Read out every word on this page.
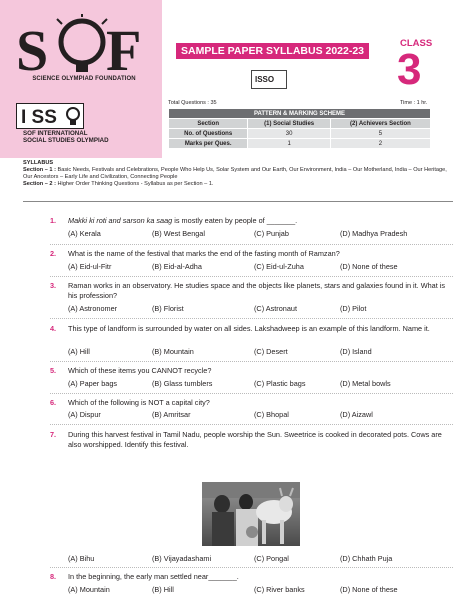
S F
SCIENCE OLYMPIAD FOUNDATION
SAMPLE PAPER SYLLABUS 2022-23
CLASS
3
ISSO
I SS
SOF INTERNATIONAL
SOCIAL STUDIES OLYMPIAD
Total Questions : 35	Time : 1 hr.
PATTERN & MARKING SCHEME		
Section	(1) Social Studies	(2) Achievers Section
No. of Questions	30	5
Marks per Ques.	1	2
SYLLABUS
Section – 1 : Basic Needs, Festivals and Celebrations, People Who Help Us, Solar System and Our Earth, Our Environment, India – Our Motherland, India – Our Heritage, Our Ancestors – Early Life and Civilization, Connecting People
Section – 2 : Higher Order Thinking Questions - Syllabus as per Section – 1.
1. Makki ki roti and sarson ka saag is mostly eaten by people of _______.
(A) Kerala	(B) West Bengal	(C) Punjab	(D) Madhya Pradesh
2. What is the name of the festival that marks the end of the fasting month of Ramzan?
(A) Eid-ul-Fitr	(B) Eid-al-Adha	(C) Eid-ul-Zuha	(D) None of these
3. Raman works in an observatory. He studies space and the objects like planets, stars and galaxies found in it. What is his profession?
(A) Astronomer	(B) Florist	(C) Astronaut	(D) Pilot
4. This type of landform is surrounded by water on all sides. Lakshadweep is an example of this landform. Name it.
(A) Hill	(B) Mountain	(C) Desert	(D) Island
5. Which of these items you CANNOT recycle?
(A) Paper bags	(B) Glass tumblers	(C) Plastic bags	(D) Metal bowls
6. Which of the following is NOT a capital city?
(A) Dispur	(B) Amritsar	(C) Bhopal	(D) Aizawl
7. During this harvest festival in Tamil Nadu, people worship the Sun. Sweetrice is cooked in decorated pots. Cows are also worshipped. Identify this festival.
(A) Bihu	(B) Vijayadashami	(C) Pongal	(D) Chhath Puja
8. In the beginning, the early man settled near_______.
(A) Mountain	(B) Hill	(C) River banks	(D) None of these
